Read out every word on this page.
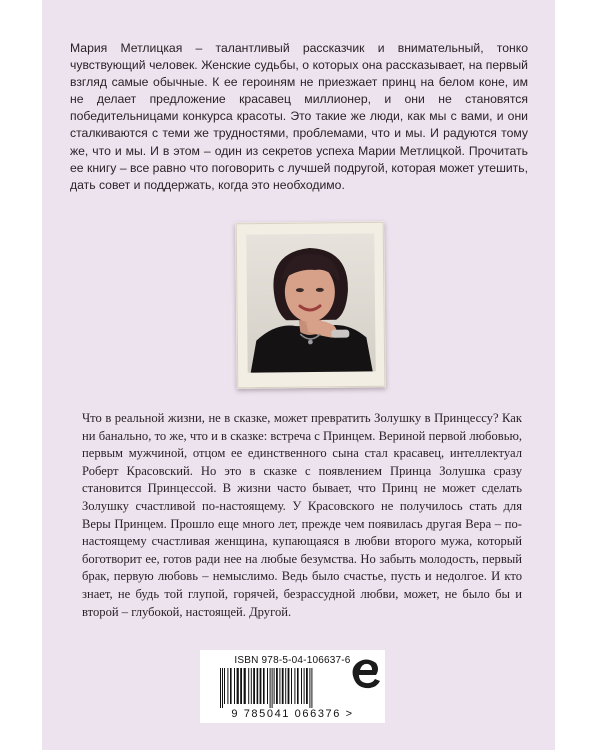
Мария Метлицкая – талантливый рассказчик и внимательный, тонко чувствующий человек. Женские судьбы, о которых она рассказывает, на первый взгляд самые обычные. К ее героиням не приезжает принц на белом коне, им не делает предложение красавец миллионер, и они не становятся победительницами конкурса красоты. Это такие же люди, как мы с вами, и они сталкиваются с теми же трудностями, проблемами, что и мы. И радуются тому же, что и мы. И в этом – один из секретов успеха Марии Метлицкой. Прочитать ее книгу – все равно что поговорить с лучшей подругой, которая может утешить, дать совет и поддержать, когда это необходимо.

Что в реальной жизни, не в сказке, может превратить Золушку в Принцессу? Как ни банально, то же, что и в сказке: встреча с Принцем. Вериной первой любовью, первым мужчиной, отцом ее единственного сына стал красавец, интеллектуал Роберт Красовский. Но это в сказке с появлением Принца Золушка сразу становится Принцессой. В жизни часто бывает, что Принц не может сделать Золушку счастливой по-настоящему. У Красовского не получилось стать для Веры Принцем. Прошло еще много лет, прежде чем появилась другая Вера – по-настоящему счастливая женщина, купающаяся в любви второго мужа, который боготворит ее, готов ради нее на любые безумства. Но забыть молодость, первый брак, первую любовь – немыслимо. Ведь было счастье, пусть и недолгое. И кто знает, не будь той глупой, горячей, безрассудной любви, может, не было бы и второй – глубокой, настоящей. Другой.

ISBN 978-5-04-106637-6
9 785041 066376 >
